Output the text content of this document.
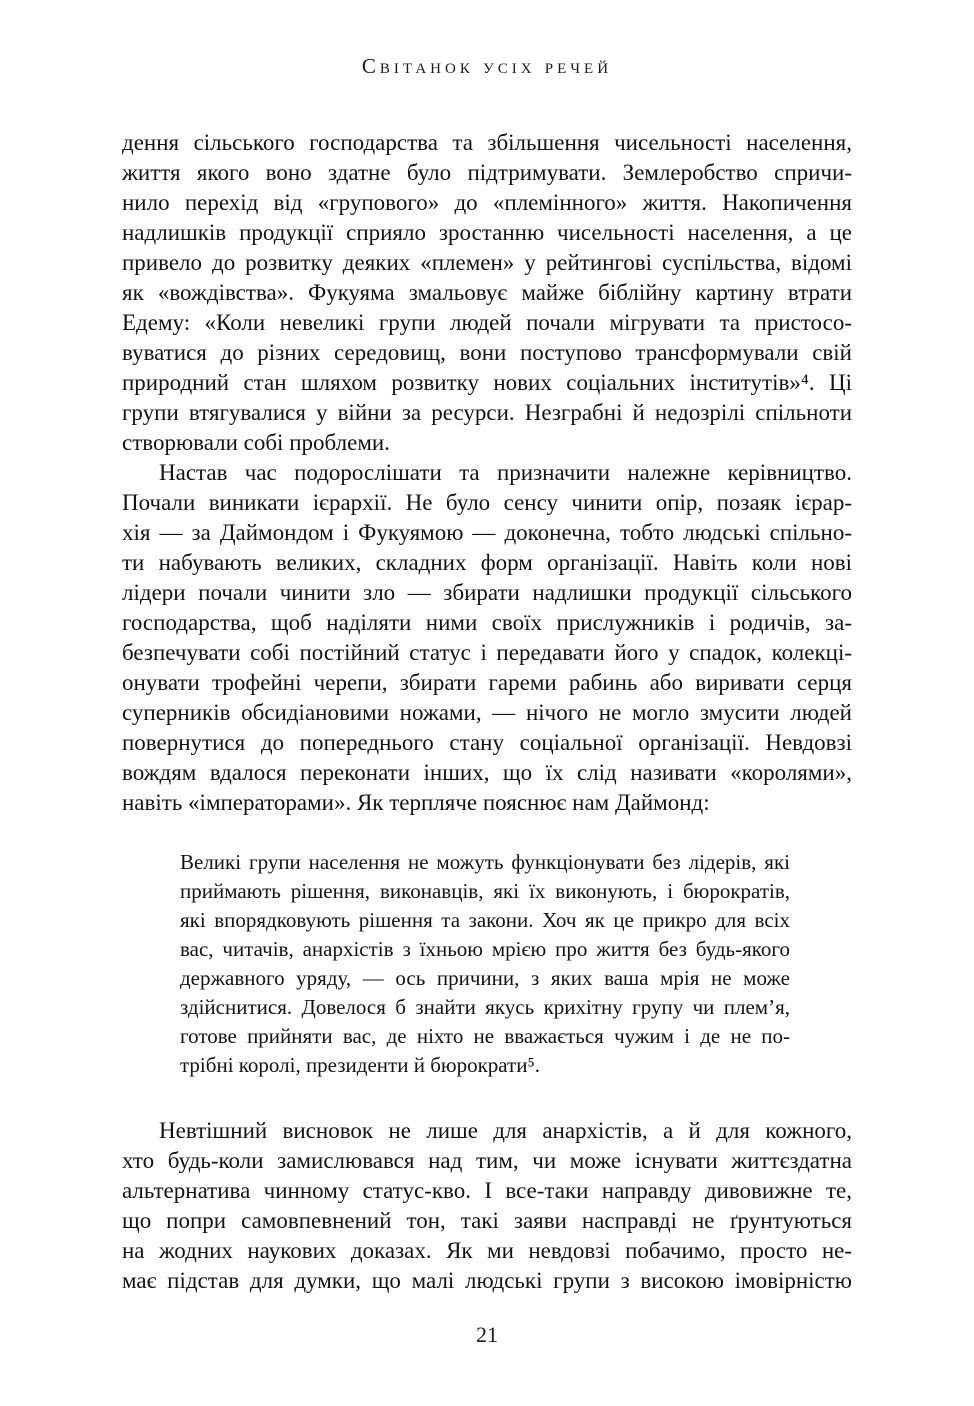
Світанок усіх речей
дення сільського господарства та збільшення чисельності населення,
життя якого воно здатне було підтримувати. Землеробство спричи-
нило перехід від «групового» до «племінного» життя. Накопичення
надлишків продукції сприяло зростанню чисельності населення, а це
привело до розвитку деяких «племен» у рейтингові суспільства, відомі
як «вождівства». Фукуяма змальовує майже біблійну картину втрати
Едему: «Коли невеликі групи людей почали мігрувати та пристосо-
вуватися до різних середовищ, вони поступово трансформували свій
природний стан шляхом розвитку нових соціальних інститутів»⁴. Ці
групи втягувалися у війни за ресурси. Незграбні й недозрілі спільноти
створювали собі проблеми.
Настав час подорослішати та призначити належне керівництво.
Почали виникати ієрархії. Не було сенсу чинити опір, позаяк ієрар-
хія — за Даймондом і Фукуямою — доконечна, тобто людські спільно-
ти набувають великих, складних форм організації. Навіть коли нові
лідери почали чинити зло — збирати надлишки продукції сільського
господарства, щоб наділяти ними своїх прислужників і родичів, за-
безпечувати собі постійний статус і передавати його у спадок, колекці-
онувати трофейні черепи, збирати гареми рабинь або виривати серця
суперників обсидіановими ножами, — нічого не могло змусити людей
повернутися до попереднього стану соціальної організації. Невдовзі
вождям вдалося переконати інших, що їх слід називати «королями»,
навіть «імператорами». Як терпляче пояснює нам Даймонд:
Великі групи населення не можуть функціонувати без лідерів, які
приймають рішення, виконавців, які їх виконують, і бюрократів,
які впорядковують рішення та закони. Хоч як це прикро для всіх
вас, читачів, анархістів з їхньою мрією про життя без будь-якого
державного уряду, — ось причини, з яких ваша мрія не може
здійснитися. Довелося б знайти якусь крихітну групу чи плем’я,
готове прийняти вас, де ніхто не вважається чужим і де не по-
трібні королі, президенти й бюрократи⁵.
Невтішний висновок не лише для анархістів, а й для кожного,
хто будь-коли замислювався над тим, чи може існувати життєздатна
альтернатива чинному статус-кво. І все-таки направду дивовижне те,
що попри самовпевнений тон, такі заяви насправді не ґрунтуються
на жодних наукових доказах. Як ми невдовзі побачимо, просто не-
має підстав для думки, що малі людські групи з високою імовірністю
21
